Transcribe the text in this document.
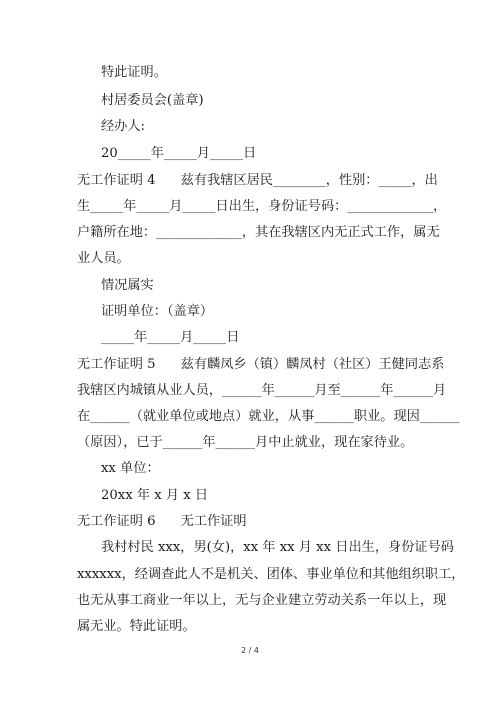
特此证明。
村居委员会(盖章)
经办人:
20_____年_____月_____日
无工作证明 4      兹有我辖区居民________，性别：_____，出
生_____年_____月_____日出生，身份证号码：_____________，
户籍所在地：_____________，其在我辖区内无正式工作，属无
业人员。
情况属实
证明单位：（盖章）
_____年_____月_____日
无工作证明 5      兹有麟凤乡（镇）麟凤村（社区）王健同志系
我辖区内城镇从业人员，______年______月至______年______月
在______（就业单位或地点）就业，从事______职业。现因______
（原因），已于______年______月中止就业，现在家待业。
xx 单位：
20xx 年 x 月 x 日
无工作证明 6      无工作证明
我村村民 xxx，男(女)，xx 年 xx 月 xx 日出生，身份证号码
xxxxxx，经调查此人不是机关、团体、事业单位和其他组织职工，
也无从事工商业一年以上，无与企业建立劳动关系一年以上，现
属无业。特此证明。
2 / 4
